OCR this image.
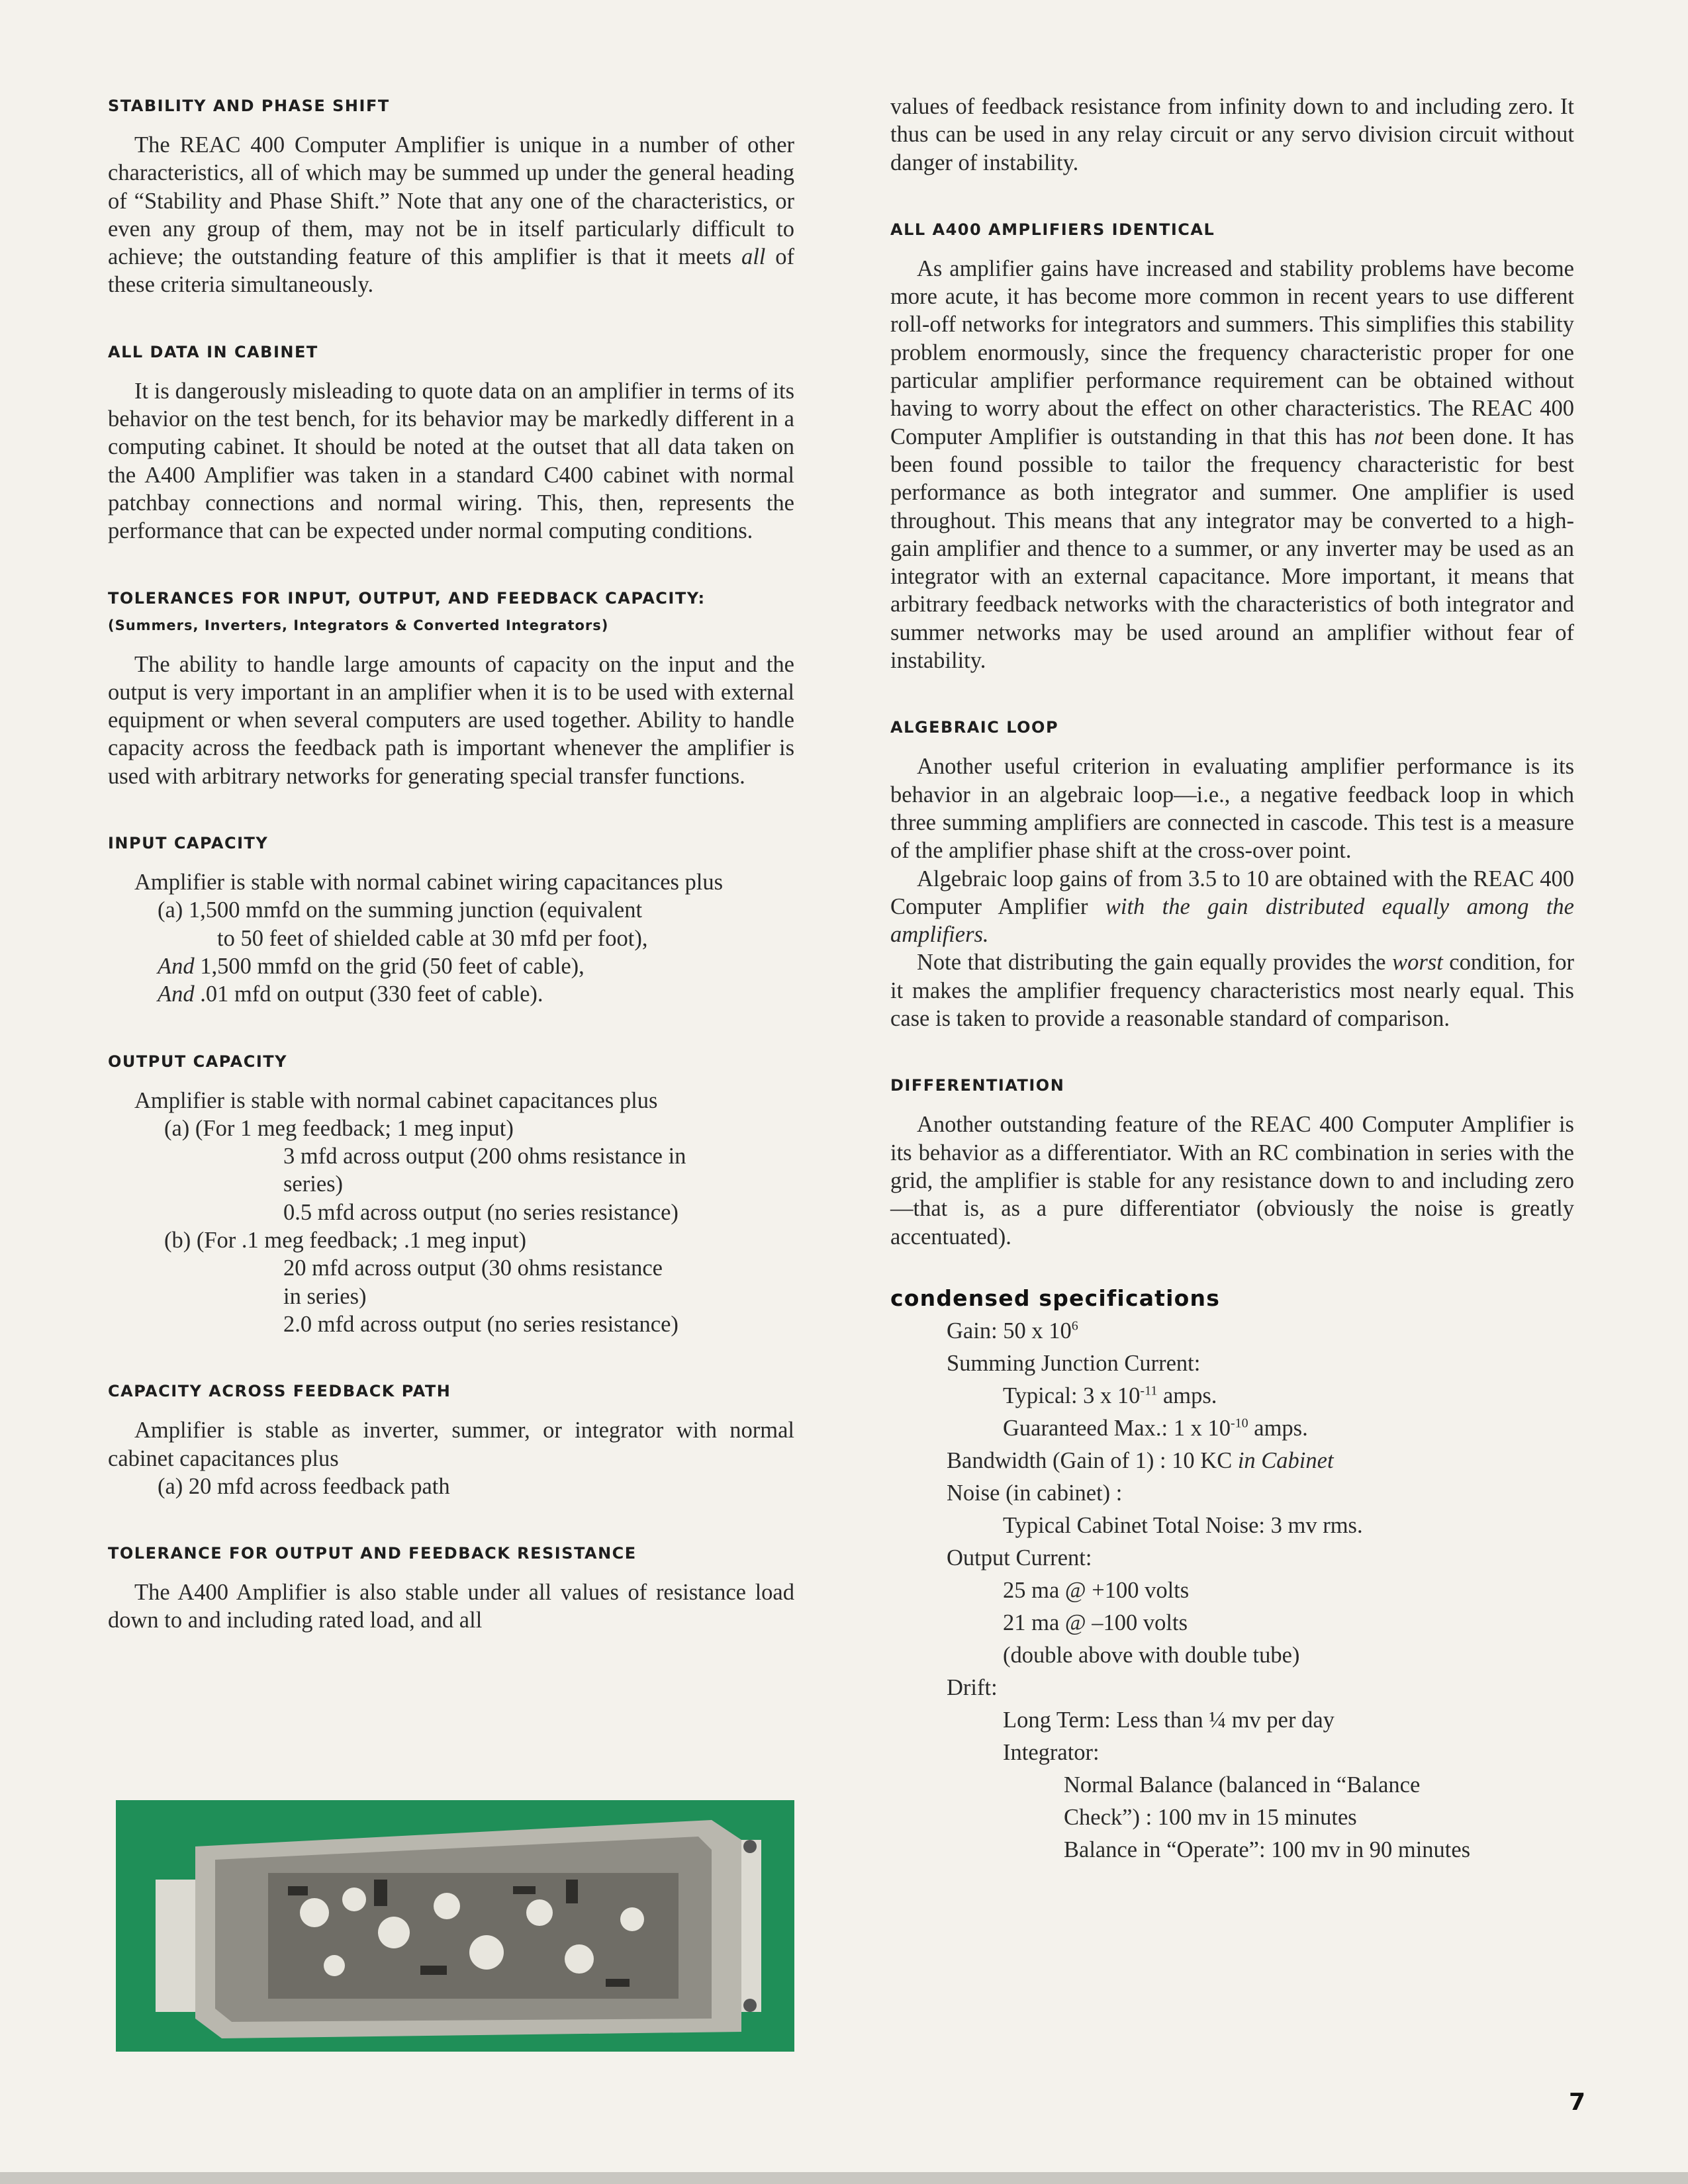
STABILITY AND PHASE SHIFT

The REAC 400 Computer Amplifier is unique in a number of other characteristics, all of which may be summed up under the general heading of “Stability and Phase Shift.” Note that any one of the characteristics, or even any group of them, may not be in itself particularly difficult to achieve; the outstanding feature of this amplifier is that it meets all of these criteria simultaneously.

ALL DATA IN CABINET

It is dangerously misleading to quote data on an amplifier in terms of its behavior on the test bench, for its behavior may be markedly different in a computing cabinet. It should be noted at the outset that all data taken on the A400 Amplifier was taken in a standard C400 cabinet with normal patchbay connections and normal wiring. This, then, represents the performance that can be expected under normal computing conditions.

TOLERANCES FOR INPUT, OUTPUT, AND FEEDBACK CAPACITY: (Summers, Inverters, Integrators & Converted Integrators)

The ability to handle large amounts of capacity on the input and the output is very important in an amplifier when it is to be used with external equipment or when several computers are used together. Ability to handle capacity across the feedback path is important whenever the amplifier is used with arbitrary networks for generating special transfer functions.

INPUT CAPACITY

Amplifier is stable with normal cabinet wiring capacitances plus

(a) 1,500 mmfd on the summing junction (equivalent

to 50 feet of shielded cable at 30 mfd per foot),

And 1,500 mmfd on the grid (50 feet of cable),

And .01 mfd on output (330 feet of cable).

OUTPUT CAPACITY

Amplifier is stable with normal cabinet capacitances plus

(a) (For 1 meg feedback; 1 meg input)

3 mfd across output (200 ohms resistance in

series)

0.5 mfd across output (no series resistance)

(b) (For .1 meg feedback; .1 meg input)

20 mfd across output (30 ohms resistance

in series)

2.0 mfd across output (no series resistance)

CAPACITY ACROSS FEEDBACK PATH

Amplifier is stable as inverter, summer, or integrator with normal cabinet capacitances plus

(a) 20 mfd across feedback path

TOLERANCE FOR OUTPUT AND FEEDBACK RESISTANCE

The A400 Amplifier is also stable under all values of resistance load down to and including rated load, and all

values of feedback resistance from infinity down to and including zero. It thus can be used in any relay circuit or any servo division circuit without danger of instability.

ALL A400 AMPLIFIERS IDENTICAL

As amplifier gains have increased and stability problems have become more acute, it has become more common in recent years to use different roll-off networks for integrators and summers. This simplifies this stability problem enormously, since the frequency characteristic proper for one particular amplifier performance requirement can be obtained without having to worry about the effect on other characteristics. The REAC 400 Computer Amplifier is outstanding in that this has not been done. It has been found possible to tailor the frequency characteristic for best performance as both integrator and summer. One amplifier is used throughout. This means that any integrator may be converted to a high-gain amplifier and thence to a summer, or any inverter may be used as an integrator with an external capacitance. More important, it means that arbitrary feedback networks with the characteristics of both integrator and summer networks may be used around an amplifier without fear of instability.

ALGEBRAIC LOOP

Another useful criterion in evaluating amplifier performance is its behavior in an algebraic loop—i.e., a negative feedback loop in which three summing amplifiers are connected in cascode. This test is a measure of the amplifier phase shift at the cross-over point.

Algebraic loop gains of from 3.5 to 10 are obtained with the REAC 400 Computer Amplifier with the gain distributed equally among the amplifiers.

Note that distributing the gain equally provides the worst condition, for it makes the amplifier frequency characteristics most nearly equal. This case is taken to provide a reasonable standard of comparison.

DIFFERENTIATION

Another outstanding feature of the REAC 400 Computer Amplifier is its behavior as a differentiator. With an RC combination in series with the grid, the amplifier is stable for any resistance down to and including zero—that is, as a pure differentiator (obviously the noise is greatly accentuated).

condensed specifications

Gain: 50 x $10^6$

Summing Junction Current:

Typical: 3 x $10^{-11}$ amps.

Guaranteed Max.: 1 x $10^{-10}$ amps.

Bandwidth (Gain of 1) : 10 KC in Cabinet

Noise (in cabinet) :

Typical Cabinet Total Noise: 3 mv rms.

Output Current:

25 ma @ +100 volts

21 ma @ –100 volts

(double above with double tube)

Drift:

Long Term: Less than ¼ mv per day

Integrator:

Normal Balance (balanced in “Balance

Check”) : 100 mv in 15 minutes

Balance in “Operate”: 100 mv in 90 minutes

7
